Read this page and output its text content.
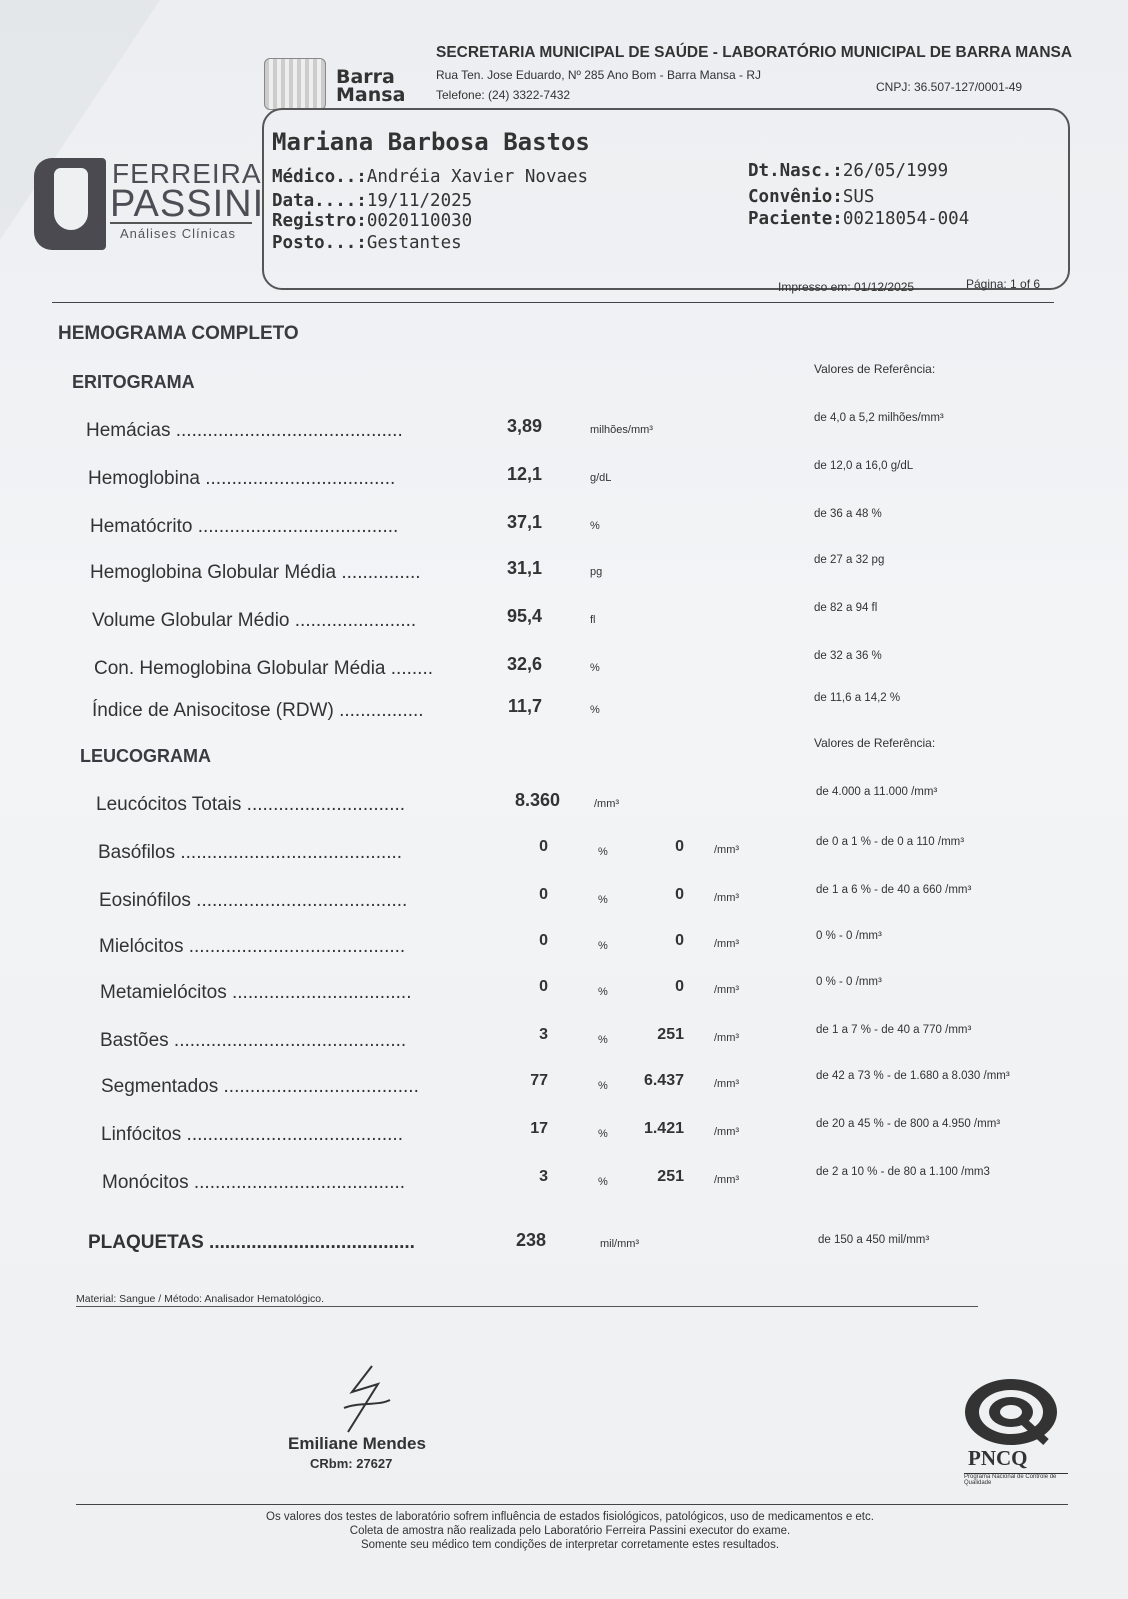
Barra
Mansa
SECRETARIA MUNICIPAL DE SAÚDE - LABORATÓRIO MUNICIPAL DE BARRA MANSA
Rua Ten. Jose Eduardo, Nº 285 Ano Bom - Barra Mansa - RJ
Telefone: (24) 3322-7432
CNPJ: 36.507-127/0001-49
FERREIRA
PASSINI
Análises Clínicas
Mariana Barbosa Bastos
Médico..:Andréia Xavier Novaes
Data....:19/11/2025
Registro:0020110030
Posto...:Gestantes
Dt.Nasc.:26/05/1999
Convênio:SUS
Paciente:00218054-004
Impresso em: 01/12/2025	Página: 1 of 6
HEMOGRAMA COMPLETO
ERITOGRAMA
Valores de Referência:
Hemácias ...........................................	3,89	milhões/mm³
de 4,0 a 5,2 milhões/mm³
Hemoglobina ....................................	12,1	g/dL
de 12,0 a 16,0 g/dL
Hematócrito ......................................	37,1	%
de 36 a 48 %
Hemoglobina Globular Média ...............	31,1	pg
de 27 a 32 pg
Volume Globular Médio .......................	95,4	fl
de 82 a 94 fl
Con. Hemoglobina Globular Média ........	32,6	%
de 32 a 36 %
Índice de Anisocitose (RDW) ................	11,7	%
de 11,6 a 14,2 %
LEUCOGRAMA
Valores de Referência:
Leucócitos Totais ..............................	8.360	/mm³
de 4.000 a 11.000 /mm³
Basófilos ..........................................	0	%	0	/mm³
de 0 a 1 % - de 0 a 110 /mm³
Eosinófilos ........................................	0	%	0	/mm³
de 1 a 6 % - de 40 a 660 /mm³
Mielócitos .........................................	0	%	0	/mm³
0 % - 0 /mm³
Metamielócitos ..................................	0	%	0	/mm³
0 % - 0 /mm³
Bastões ............................................	3	%	251	/mm³
de 1 a 7 % - de 40 a 770 /mm³
Segmentados .....................................	77	%	6.437	/mm³
de 42 a 73 % - de 1.680 a 8.030 /mm³
Linfócitos .........................................	17	%	1.421	/mm³
de 20 a 45 % - de 800 a 4.950 /mm³
Monócitos ........................................	3	%	251	/mm³
de 2 a 10 % - de 80 a 1.100 /mm3
PLAQUETAS .......................................	238	mil/mm³	de 150 a 450 mil/mm³
Material: Sangue / Método: Analisador Hematológico.
Emiliane Mendes
CRbm: 27627	PNCQ
Programa Nacional de Controle de Qualidade
Os valores dos testes de laboratório sofrem influência de estados fisiológicos, patológicos, uso de medicamentos e etc.
Coleta de amostra não realizada pelo Laboratório Ferreira Passini executor do exame.
Somente seu médico tem condições de interpretar corretamente estes resultados.
